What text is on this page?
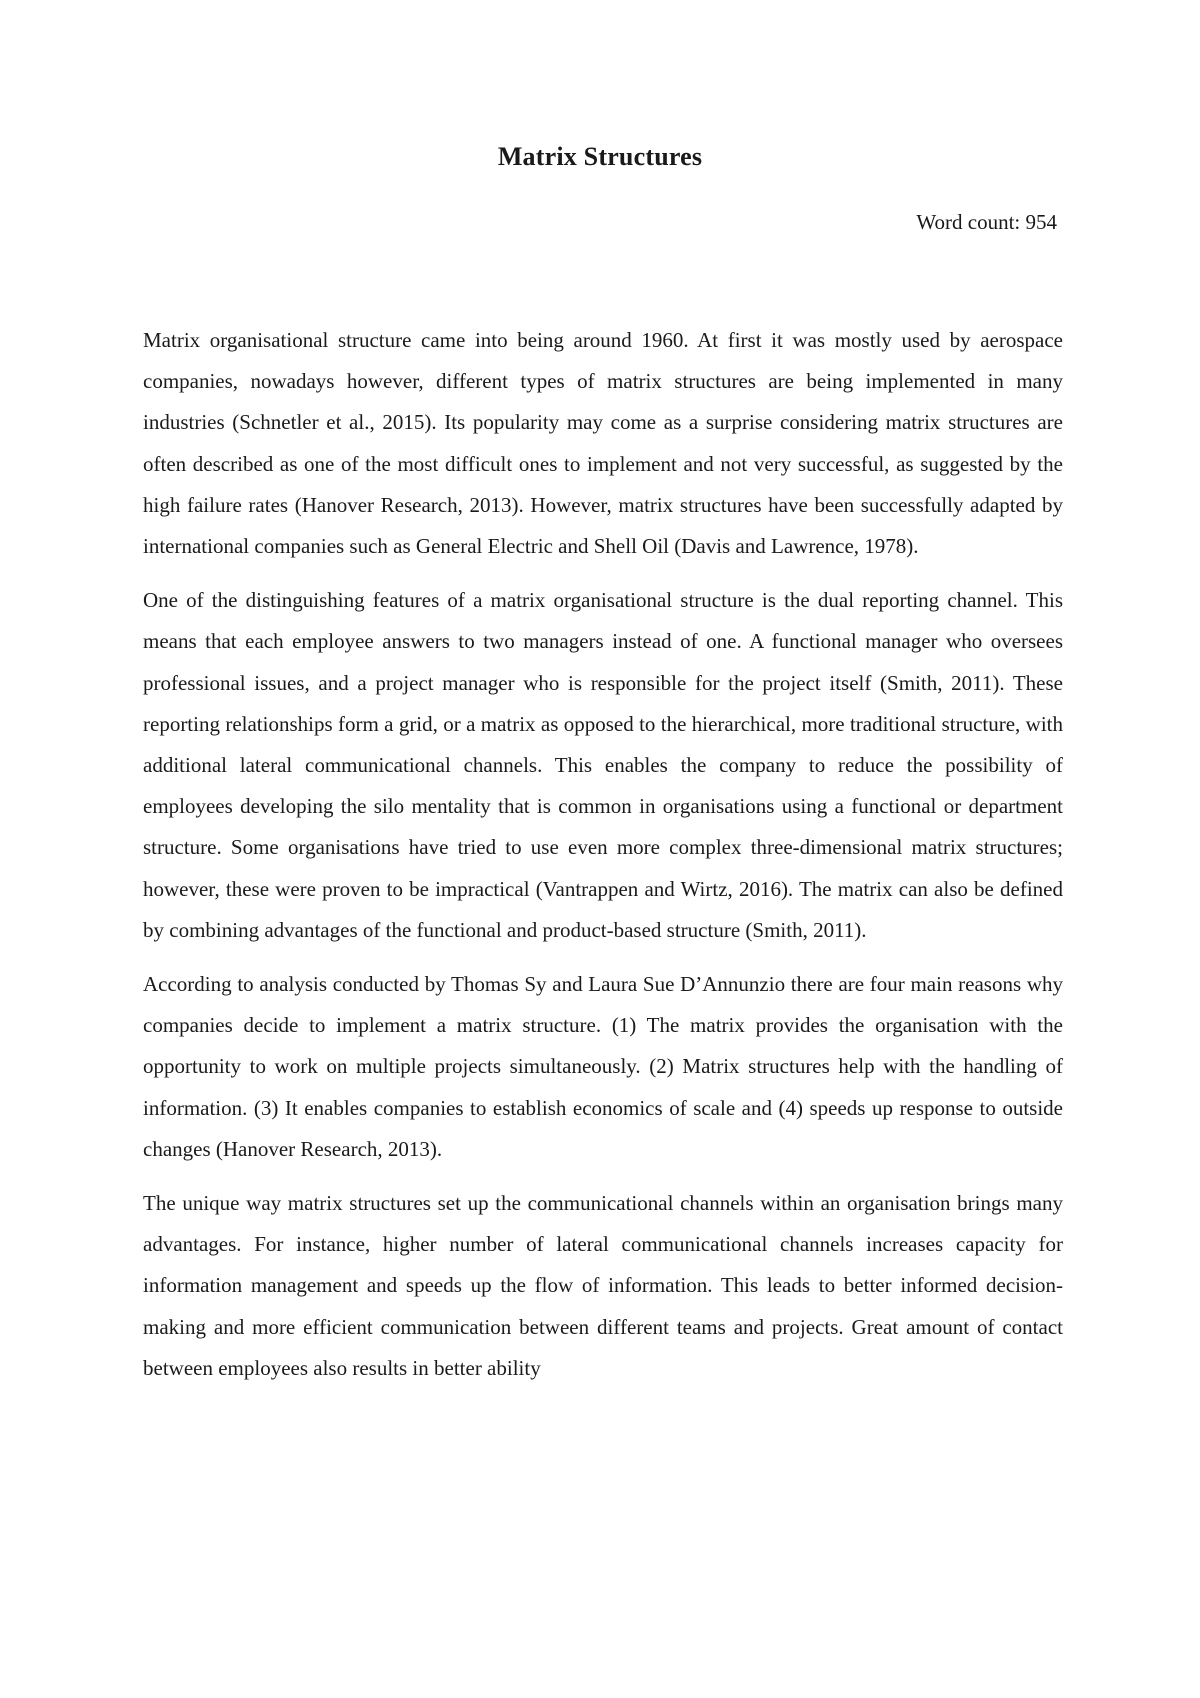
Matrix Structures

Word count: 954

Matrix organisational structure came into being around 1960. At first it was mostly used by aerospace companies, nowadays however, different types of matrix structures are being implemented in many industries (Schnetler et al., 2015). Its popularity may come as a surprise considering matrix structures are often described as one of the most difficult ones to implement and not very successful, as suggested by the high failure rates (Hanover Research, 2013). However, matrix structures have been successfully adapted by international companies such as General Electric and Shell Oil (Davis and Lawrence, 1978).

One of the distinguishing features of a matrix organisational structure is the dual reporting channel. This means that each employee answers to two managers instead of one. A functional manager who oversees professional issues, and a project manager who is responsible for the project itself (Smith, 2011). These reporting relationships form a grid, or a matrix as opposed to the hierarchical, more traditional structure, with additional lateral communicational channels. This enables the company to reduce the possibility of employees developing the silo mentality that is common in organisations using a functional or department structure. Some organisations have tried to use even more complex three-dimensional matrix structures; however, these were proven to be impractical (Vantrappen and Wirtz, 2016). The matrix can also be defined by combining advantages of the functional and product-based structure (Smith, 2011).

According to analysis conducted by Thomas Sy and Laura Sue D’Annunzio there are four main reasons why companies decide to implement a matrix structure. (1) The matrix provides the organisation with the opportunity to work on multiple projects simultaneously. (2) Matrix structures help with the handling of information. (3) It enables companies to establish economics of scale and (4) speeds up response to outside changes (Hanover Research, 2013).

The unique way matrix structures set up the communicational channels within an organisation brings many advantages. For instance, higher number of lateral communicational channels increases capacity for information management and speeds up the flow of information. This leads to better informed decision-making and more efficient communication between different teams and projects. Great amount of contact between employees also results in better ability
